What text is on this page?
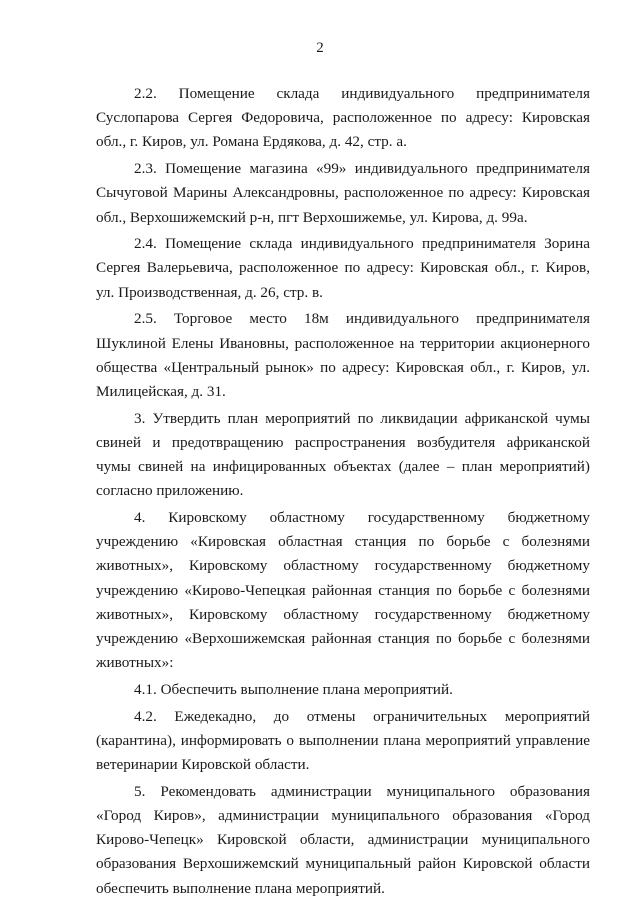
2

2.2. Помещение склада индивидуального предпринимателя Суслопарова Сергея Федоровича, расположенное по адресу: Кировская обл., г. Киров, ул. Романа Ердякова, д. 42, стр. а.

2.3. Помещение магазина «99» индивидуального предпринимателя Сычуговой Марины Александровны, расположенное по адресу: Кировская обл., Верхошижемский р-н, пгт Верхошижемье, ул. Кирова, д. 99а.

2.4. Помещение склада индивидуального предпринимателя Зорина Сергея Валерьевича, расположенное по адресу: Кировская обл., г. Киров, ул. Производственная, д. 26, стр. в.

2.5. Торговое место 18м индивидуального предпринимателя Шуклиной Елены Ивановны, расположенное на территории акционерного общества «Центральный рынок» по адресу: Кировская обл., г. Киров, ул. Милицейская, д. 31.

3. Утвердить план мероприятий по ликвидации африканской чумы свиней и предотвращению распространения возбудителя африканской чумы свиней на инфицированных объектах (далее – план мероприятий) согласно приложению.

4. Кировскому областному государственному бюджетному учреждению «Кировская областная станция по борьбе с болезнями животных», Кировскому областному государственному бюджетному учреждению «Кирово-Чепецкая районная станция по борьбе с болезнями животных», Кировскому областному государственному бюджетному учреждению «Верхошижемская районная станция по борьбе с болезнями животных»:

4.1. Обеспечить выполнение плана мероприятий.

4.2. Ежедекадно, до отмены ограничительных мероприятий (карантина), информировать о выполнении плана мероприятий управление ветеринарии Кировской области.

5. Рекомендовать администрации муниципального образования «Город Киров», администрации муниципального образования «Город Кирово-Чепецк» Кировской области, администрации муниципального образования Верхошижемский муниципальный район Кировской области обеспечить выполнение плана мероприятий.
